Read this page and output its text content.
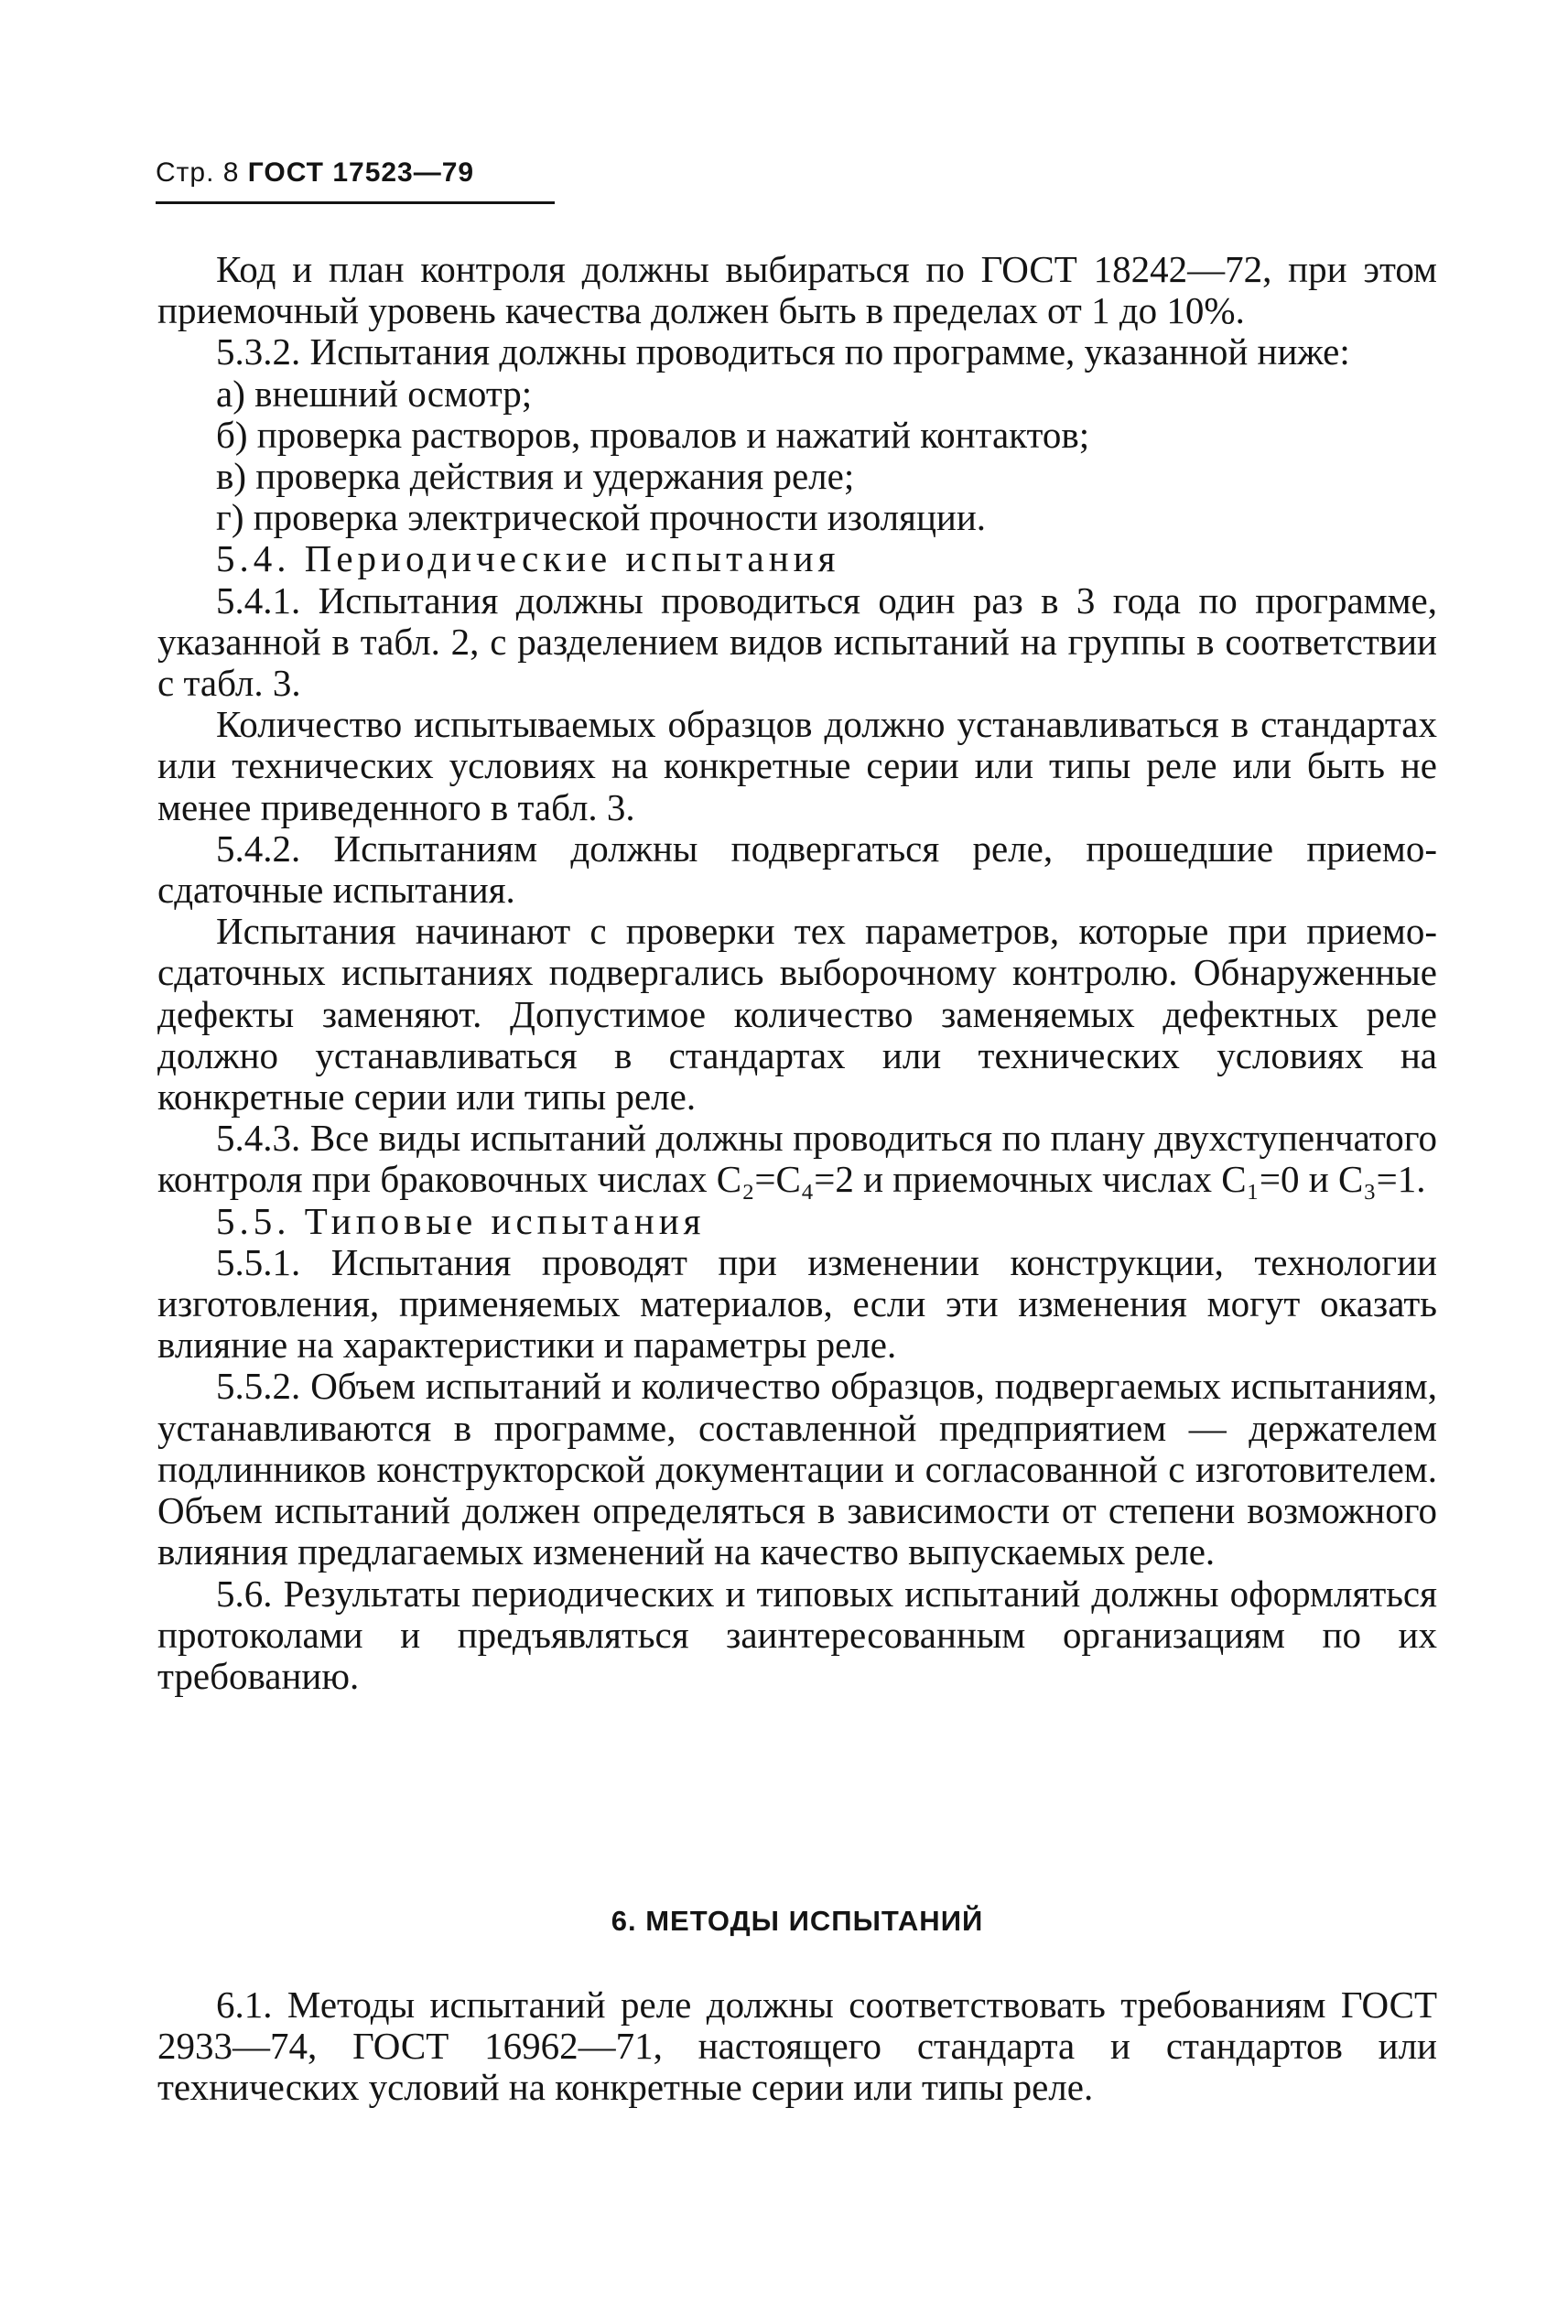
Стр. 8 ГОСТ 17523—79

Код и план контроля должны выбираться по ГОСТ 18242—72, при этом приемочный уровень качества должен быть в пределах от 1 до 10%.

5.3.2. Испытания должны проводиться по программе, указанной ниже:

а) внешний осмотр;

б) проверка растворов, провалов и нажатий контактов;

в) проверка действия и удержания реле;

г) проверка электрической прочности изоляции.

5.4. Периодические испытания

5.4.1. Испытания должны проводиться один раз в 3 года по программе, указанной в табл. 2, с разделением видов испытаний на группы в соответствии с табл. 3.

Количество испытываемых образцов должно устанавливаться в стандартах или технических условиях на конкретные серии или типы реле или быть не менее приведенного в табл. 3.

5.4.2. Испытаниям должны подвергаться реле, прошедшие приемо-сдаточные испытания.

Испытания начинают с проверки тех параметров, которые при приемо-сдаточных испытаниях подвергались выборочному контролю. Обнаруженные дефекты заменяют. Допустимое количество заменяемых дефектных реле должно устанавливаться в стандартах или технических условиях на конкретные серии или типы реле.

5.4.3. Все виды испытаний должны проводиться по плану двухступенчатого контроля при браковочных числах C₂=C₄=2 и приемочных числах C₁=0 и C₃=1.

5.5. Типовые испытания

5.5.1. Испытания проводят при изменении конструкции, технологии изготовления, применяемых материалов, если эти изменения могут оказать влияние на характеристики и параметры реле.

5.5.2. Объем испытаний и количество образцов, подвергаемых испытаниям, устанавливаются в программе, составленной предприятием — держателем подлинников конструкторской документации и согласованной с изготовителем. Объем испытаний должен определяться в зависимости от степени возможного влияния предлагаемых изменений на качество выпускаемых реле.

5.6. Результаты периодических и типовых испытаний должны оформляться протоколами и предъявляться заинтересованным организациям по их требованию.

6. МЕТОДЫ ИСПЫТАНИЙ

6.1. Методы испытаний реле должны соответствовать требованиям ГОСТ 2933—74, ГОСТ 16962—71, настоящего стандарта и стандартов или технических условий на конкретные серии или типы реле.
